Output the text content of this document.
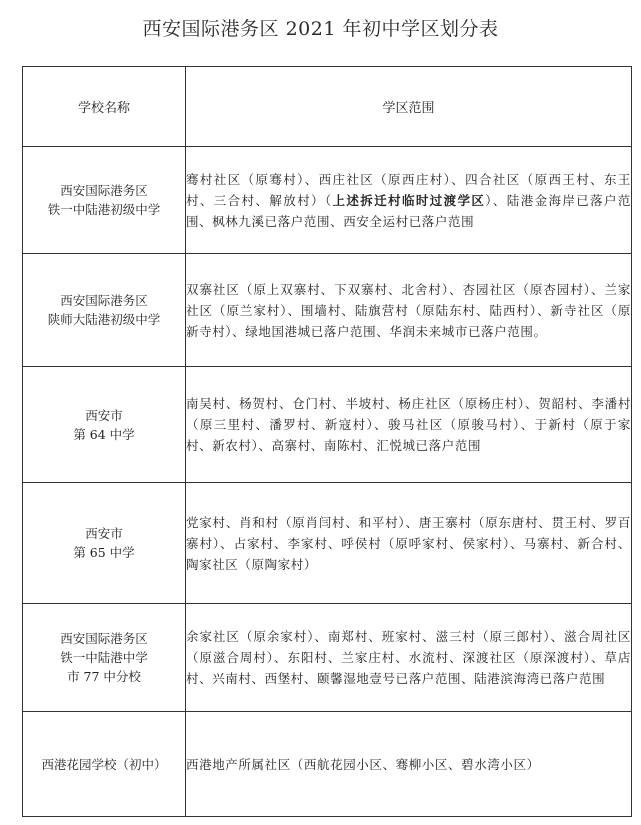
西安国际港务区 2021 年初中学区划分表
学校名称	学区范围

西安国际港务区
铁一中陆港初级中学	骞村社区（原骞村）、西庄社区（原西庄村）、四合社区（原西王村、东王村、三合村、解放村）（上述拆迁村临时过渡学区）、陆港金海岸已落户范围、枫林九溪已落户范围、西安全运村已落户范围

西安国际港务区
陕师大陆港初级中学	双寨社区（原上双寨村、下双寨村、北舍村）、杏园社区（原杏园村）、兰家社区（原兰家村）、围墙村、陆旗营村（原陆东村、陆西村）、新寺社区（原新寺村）、绿地国港城已落户范围、华润未来城市已落户范围。

西安市
第 64 中学	南吴村、杨贺村、仓门村、半坡村、杨庄社区（原杨庄村）、贺韶村、李潘村（原三里村、潘罗村、新寇村）、骏马社区（原骏马村）、于新村（原于家村、新农村）、高寨村、南陈村、汇悦城已落户范围

西安市
第 65 中学	党家村、肖和村（原肖闫村、和平村）、唐王寨村（原东唐村、贯王村、罗百寨村）、占家村、李家村、呼侯村（原呼家村、侯家村）、马寨村、新合村、陶家社区（原陶家村）

西安国际港务区
铁一中陆港中学
市 77 中分校	余家社区（原余家村）、南郑村、班家村、滋三村（原三郎村）、滋合周社区（原滋合周村）、东阳村、兰家庄村、水流村、深渡社区（原深渡村）、草店村、兴南村、西堡村、颐馨湿地壹号已落户范围、陆港滨海湾已落户范围

西港花园学校（初中）	西港地产所属社区（西航花园小区、骞柳小区、碧水湾小区）
